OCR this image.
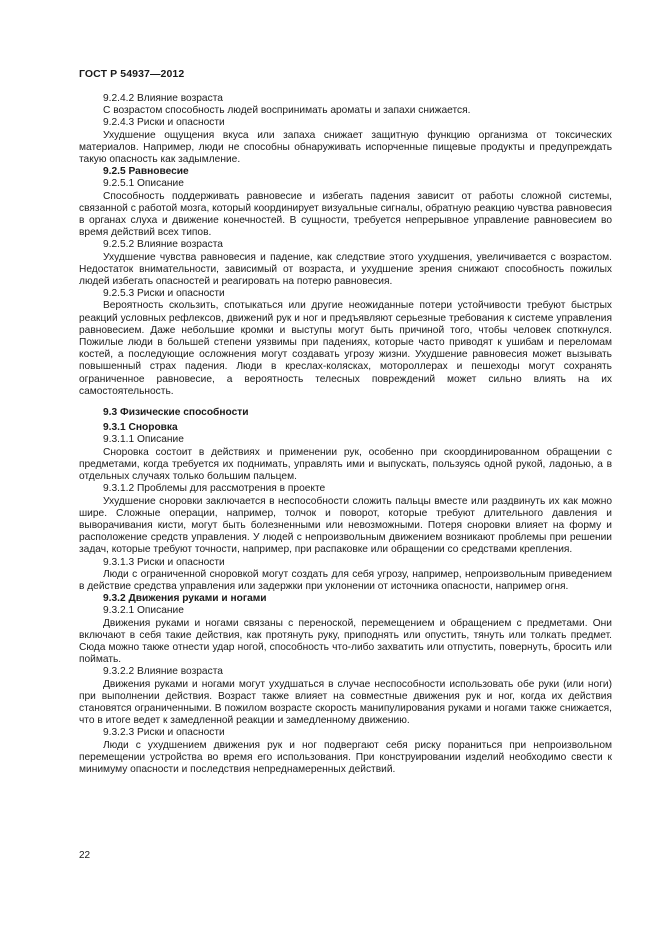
ГОСТ Р 54937—2012

9.2.4.2 Влияние возраста

С возрастом способность людей воспринимать ароматы и запахи снижается.

9.2.4.3 Риски и опасности

Ухудшение ощущения вкуса или запаха снижает защитную функцию организма от токсических материалов. Например, люди не способны обнаруживать испорченные пищевые продукты и предупреждать такую опасность как задымление.

9.2.5 Равновесие

9.2.5.1 Описание

Способность поддерживать равновесие и избегать падения зависит от работы сложной системы, связанной с работой мозга, который координирует визуальные сигналы, обратную реакцию чувства равновесия в органах слуха и движение конечностей. В сущности, требуется непрерывное управление равновесием во время действий всех типов.

9.2.5.2 Влияние возраста

Ухудшение чувства равновесия и падение, как следствие этого ухудшения, увеличивается с возрастом. Недостаток внимательности, зависимый от возраста, и ухудшение зрения снижают способность пожилых людей избегать опасностей и реагировать на потерю равновесия.

9.2.5.3 Риски и опасности

Вероятность скользить, спотыкаться или другие неожиданные потери устойчивости требуют быстрых реакций условных рефлексов, движений рук и ног и предъявляют серьезные требования к системе управления равновесием. Даже небольшие кромки и выступы могут быть причиной того, чтобы человек споткнулся. Пожилые люди в большей степени уязвимы при падениях, которые часто приводят к ушибам и переломам костей, а последующие осложнения могут создавать угрозу жизни. Ухудшение равновесия может вызывать повышенный страх падения. Люди в креслах-колясках, мотороллерах и пешеходы могут сохранять ограниченное равновесие, а вероятность телесных повреждений может сильно влиять на их самостоятельность.

9.3 Физические способности

9.3.1 Сноровка

9.3.1.1 Описание

Сноровка состоит в действиях и применении рук, особенно при скоординированном обращении с предметами, когда требуется их поднимать, управлять ими и выпускать, пользуясь одной рукой, ладонью, а в отдельных случаях только большим пальцем.

9.3.1.2 Проблемы для рассмотрения в проекте

Ухудшение сноровки заключается в неспособности сложить пальцы вместе или раздвинуть их как можно шире. Сложные операции, например, толчок и поворот, которые требуют длительного давления и выворачивания кисти, могут быть болезненными или невозможными. Потеря сноровки влияет на форму и расположение средств управления. У людей с непроизвольным движением возникают проблемы при решении задач, которые требуют точности, например, при распаковке или обращении со средствами крепления.

9.3.1.3 Риски и опасности

Люди с ограниченной сноровкой могут создать для себя угрозу, например, непроизвольным приведением в действие средства управления или задержки при уклонении от источника опасности, например огня.

9.3.2 Движения руками и ногами

9.3.2.1 Описание

Движения руками и ногами связаны с переноской, перемещением и обращением с предметами. Они включают в себя такие действия, как протянуть руку, приподнять или опустить, тянуть или толкать предмет. Сюда можно также отнести удар ногой, способность что-либо захватить или отпустить, повернуть, бросить или поймать.

9.3.2.2 Влияние возраста

Движения руками и ногами могут ухудшаться в случае неспособности использовать обе руки (или ноги) при выполнении действия. Возраст также влияет на совместные движения рук и ног, когда их действия становятся ограниченными. В пожилом возрасте скорость манипулирования руками и ногами также снижается, что в итоге ведет к замедленной реакции и замедленному движению.

9.3.2.3 Риски и опасности

Люди с ухудшением движения рук и ног подвергают себя риску пораниться при непроизвольном перемещении устройства во время его использования. При конструировании изделий необходимо свести к минимуму опасности и последствия непреднамеренных действий.

22
